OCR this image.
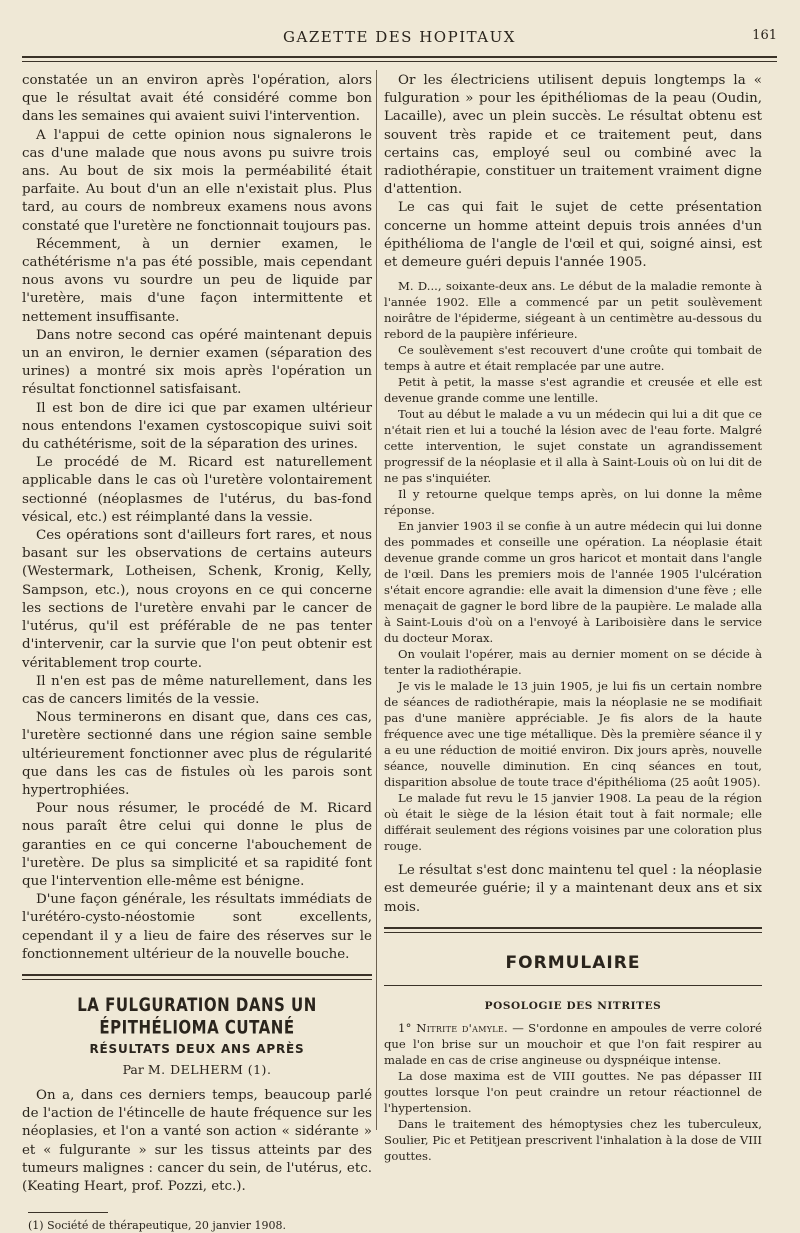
GAZETTE DES HOPITAUX	161

constatée un an environ après l'opération, alors que le résultat avait été considéré comme bon dans les semaines qui avaient suivi l'intervention.

A l'appui de cette opinion nous signalerons le cas d'une malade que nous avons pu suivre trois ans. Au bout de six mois la perméabilité était parfaite. Au bout d'un an elle n'existait plus. Plus tard, au cours de nombreux examens nous avons constaté que l'uretère ne fonctionnait toujours pas.

Récemment, à un dernier examen, le cathétérisme n'a pas été possible, mais cependant nous avons vu sourdre un peu de liquide par l'uretère, mais d'une façon intermittente et nettement insuffisante.

Dans notre second cas opéré maintenant depuis un an environ, le dernier examen (séparation des urines) a montré six mois après l'opération un résultat fonctionnel satisfaisant.

Il est bon de dire ici que par examen ultérieur nous entendons l'examen cystoscopique suivi soit du cathétérisme, soit de la séparation des urines.

Le procédé de M. Ricard est naturellement applicable dans le cas où l'uretère volontairement sectionné (néoplasmes de l'utérus, du bas-fond vésical, etc.) est réimplanté dans la vessie.

Ces opérations sont d'ailleurs fort rares, et nous basant sur les observations de certains auteurs (Westermark, Lotheisen, Schenk, Kronig, Kelly, Sampson, etc.), nous croyons en ce qui concerne les sections de l'uretère envahi par le cancer de l'utérus, qu'il est préférable de ne pas tenter d'intervenir, car la survie que l'on peut obtenir est véritablement trop courte.

Il n'en est pas de même naturellement, dans les cas de cancers limités de la vessie.

Nous terminerons en disant que, dans ces cas, l'uretère sectionné dans une région saine semble ultérieurement fonctionner avec plus de régularité que dans les cas de fistules où les parois sont hypertrophiées.

Pour nous résumer, le procédé de M. Ricard nous paraît être celui qui donne le plus de garanties en ce qui concerne l'abouchement de l'uretère. De plus sa simplicité et sa rapidité font que l'intervention elle-même est bénigne.

D'une façon générale, les résultats immédiats de l'urétéro-cysto-néostomie sont excellents, cependant il y a lieu de faire des réserves sur le fonctionnement ultérieur de la nouvelle bouche.

LA FULGURATION DANS UN ÉPITHÉLIOMA CUTANÉ
RÉSULTATS DEUX ANS APRÈS
Par M. DELHERM (1).

On a, dans ces derniers temps, beaucoup parlé de l'action de l'étincelle de haute fréquence sur les néoplasies, et l'on a vanté son action « sidérante » et « fulgurante » sur les tissus atteints par des tumeurs malignes : cancer du sein, de l'utérus, etc. (Keating Heart, prof. Pozzi, etc.).

(1) Société de thérapeutique, 20 janvier 1908.

Or les électriciens utilisent depuis longtemps la « fulguration » pour les épithéliomas de la peau (Oudin, Lacaille), avec un plein succès. Le résultat obtenu est souvent très rapide et ce traitement peut, dans certains cas, employé seul ou combiné avec la radiothérapie, constituer un traitement vraiment digne d'attention.

Le cas qui fait le sujet de cette présentation concerne un homme atteint depuis trois années d'un épithélioma de l'angle de l'œil et qui, soigné ainsi, est et demeure guéri depuis l'année 1905.

M. D..., soixante-deux ans. Le début de la maladie remonte à l'année 1902. Elle a commencé par un petit soulèvement noirâtre de l'épiderme, siégeant à un centimètre au-dessous du rebord de la paupière inférieure.

Ce soulèvement s'est recouvert d'une croûte qui tombait de temps à autre et était remplacée par une autre.

Petit à petit, la masse s'est agrandie et creusée et elle est devenue grande comme une lentille.

Tout au début le malade a vu un médecin qui lui a dit que ce n'était rien et lui a touché la lésion avec de l'eau forte. Malgré cette intervention, le sujet constate un agrandissement progressif de la néoplasie et il alla à Saint-Louis où on lui dit de ne pas s'inquiéter.

Il y retourne quelque temps après, on lui donne la même réponse.

En janvier 1903 il se confie à un autre médecin qui lui donne des pommades et conseille une opération. La néoplasie était devenue grande comme un gros haricot et montait dans l'angle de l'œil. Dans les premiers mois de l'année 1905 l'ulcération s'était encore agrandie: elle avait la dimension d'une fève ; elle menaçait de gagner le bord libre de la paupière. Le malade alla à Saint-Louis d'où on a l'envoyé à Lariboisière dans le service du docteur Morax.

On voulait l'opérer, mais au dernier moment on se décide à tenter la radiothérapie.

Je vis le malade le 13 juin 1905, je lui fis un certain nombre de séances de radiothérapie, mais la néoplasie ne se modifiait pas d'une manière appréciable. Je fis alors de la haute fréquence avec une tige métallique. Dès la première séance il y a eu une réduction de moitié environ. Dix jours après, nouvelle séance, nouvelle diminution. En cinq séances en tout, disparition absolue de toute trace d'épithélioma (25 août 1905).

Le malade fut revu le 15 janvier 1908. La peau de la région où était le siège de la lésion était tout à fait normale; elle différait seulement des régions voisines par une coloration plus rouge.

Le résultat s'est donc maintenu tel quel : la néoplasie est demeurée guérie; il y a maintenant deux ans et six mois.

FORMULAIRE
POSOLOGIE DES NITRITES

1° Nitrite d'amyle. — S'ordonne en ampoules de verre coloré que l'on brise sur un mouchoir et que l'on fait respirer au malade en cas de crise angineuse ou dyspnéique intense.

La dose maxima est de VIII gouttes. Ne pas dépasser III gouttes lorsque l'on peut craindre un retour réactionnel de l'hypertension.

Dans le traitement des hémoptysies chez les tuberculeux, Soulier, Pic et Petitjean prescrivent l'inhalation à la dose de VIII gouttes.
